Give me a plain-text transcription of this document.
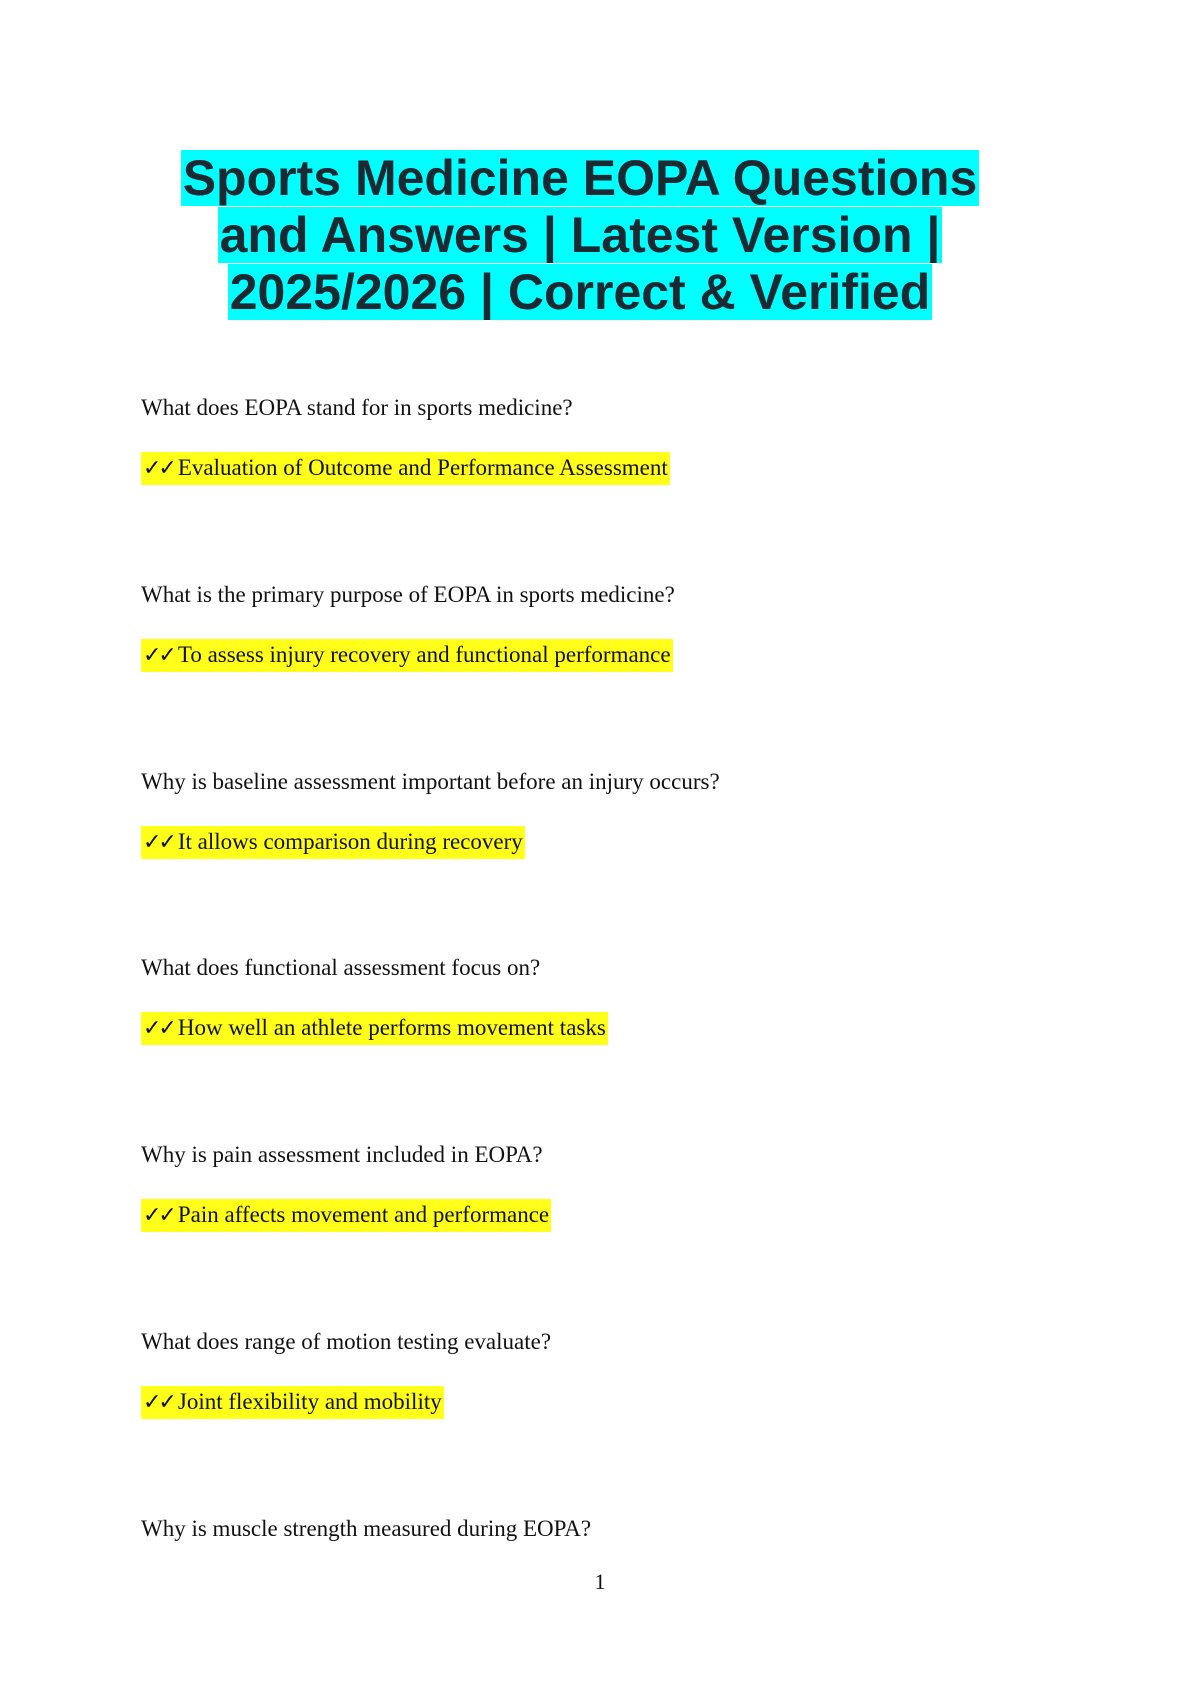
Sports Medicine EOPA Questions and Answers | Latest Version | 2025/2026 | Correct & Verified

What does EOPA stand for in sports medicine?

✓✓ Evaluation of Outcome and Performance Assessment

What is the primary purpose of EOPA in sports medicine?

✓✓ To assess injury recovery and functional performance

Why is baseline assessment important before an injury occurs?

✓✓ It allows comparison during recovery

What does functional assessment focus on?

✓✓ How well an athlete performs movement tasks

Why is pain assessment included in EOPA?

✓✓ Pain affects movement and performance

What does range of motion testing evaluate?

✓✓ Joint flexibility and mobility

Why is muscle strength measured during EOPA?

1
